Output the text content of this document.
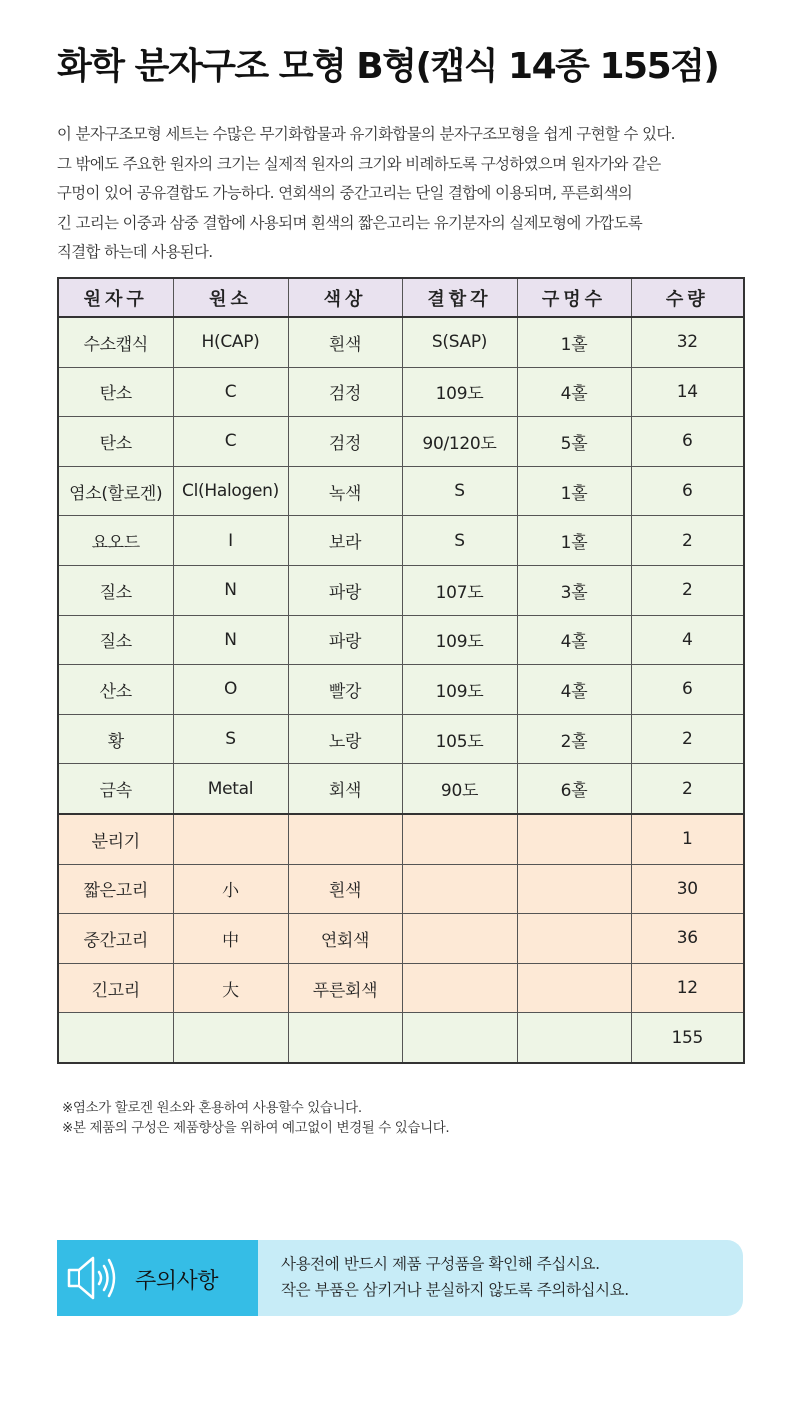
화학 분자구조 모형 B형(캡식 14종 155점)
이 분자구조모형 세트는 수많은 무기화합물과 유기화합물의 분자구조모형을 쉽게 구현할 수 있다.
그 밖에도 주요한 원자의 크기는 실제적 원자의 크기와 비례하도록 구성하였으며 원자가와 같은
구멍이 있어 공유결합도 가능하다. 연회색의 중간고리는 단일 결합에 이용되며, 푸른회색의
긴 고리는 이중과 삼중 결합에 사용되며 흰색의 짧은고리는 유기분자의 실제모형에 가깝도록
직결합 하는데 사용된다.
원자구	원소	색상	결합각	구멍수	수량
수소캡식	H(CAP)	흰색	S(SAP)	1홀	32
탄소	C	검정	109도	4홀	14
탄소	C	검정	90/120도	5홀	6
염소(할로겐)	Cl(Halogen)	녹색	S	1홀	6
요오드	I	보라	S	1홀	2
질소	N	파랑	107도	3홀	2
질소	N	파랑	109도	4홀	4
산소	O	빨강	109도	4홀	6
황	S	노랑	105도	2홀	2
금속	Metal	회색	90도	6홀	2
분리기					1
짧은고리	小	흰색			30
중간고리	中	연회색			36
긴고리	大	푸른회색			12
					155
※염소가 할로겐 원소와 혼용하여 사용할수 있습니다.
※본 제품의 구성은 제품향상을 위하여 예고없이 변경될 수 있습니다.
주의사항
사용전에 반드시 제품 구성품을 확인해 주십시요.
작은 부품은 삼키거나 분실하지 않도록 주의하십시요.
